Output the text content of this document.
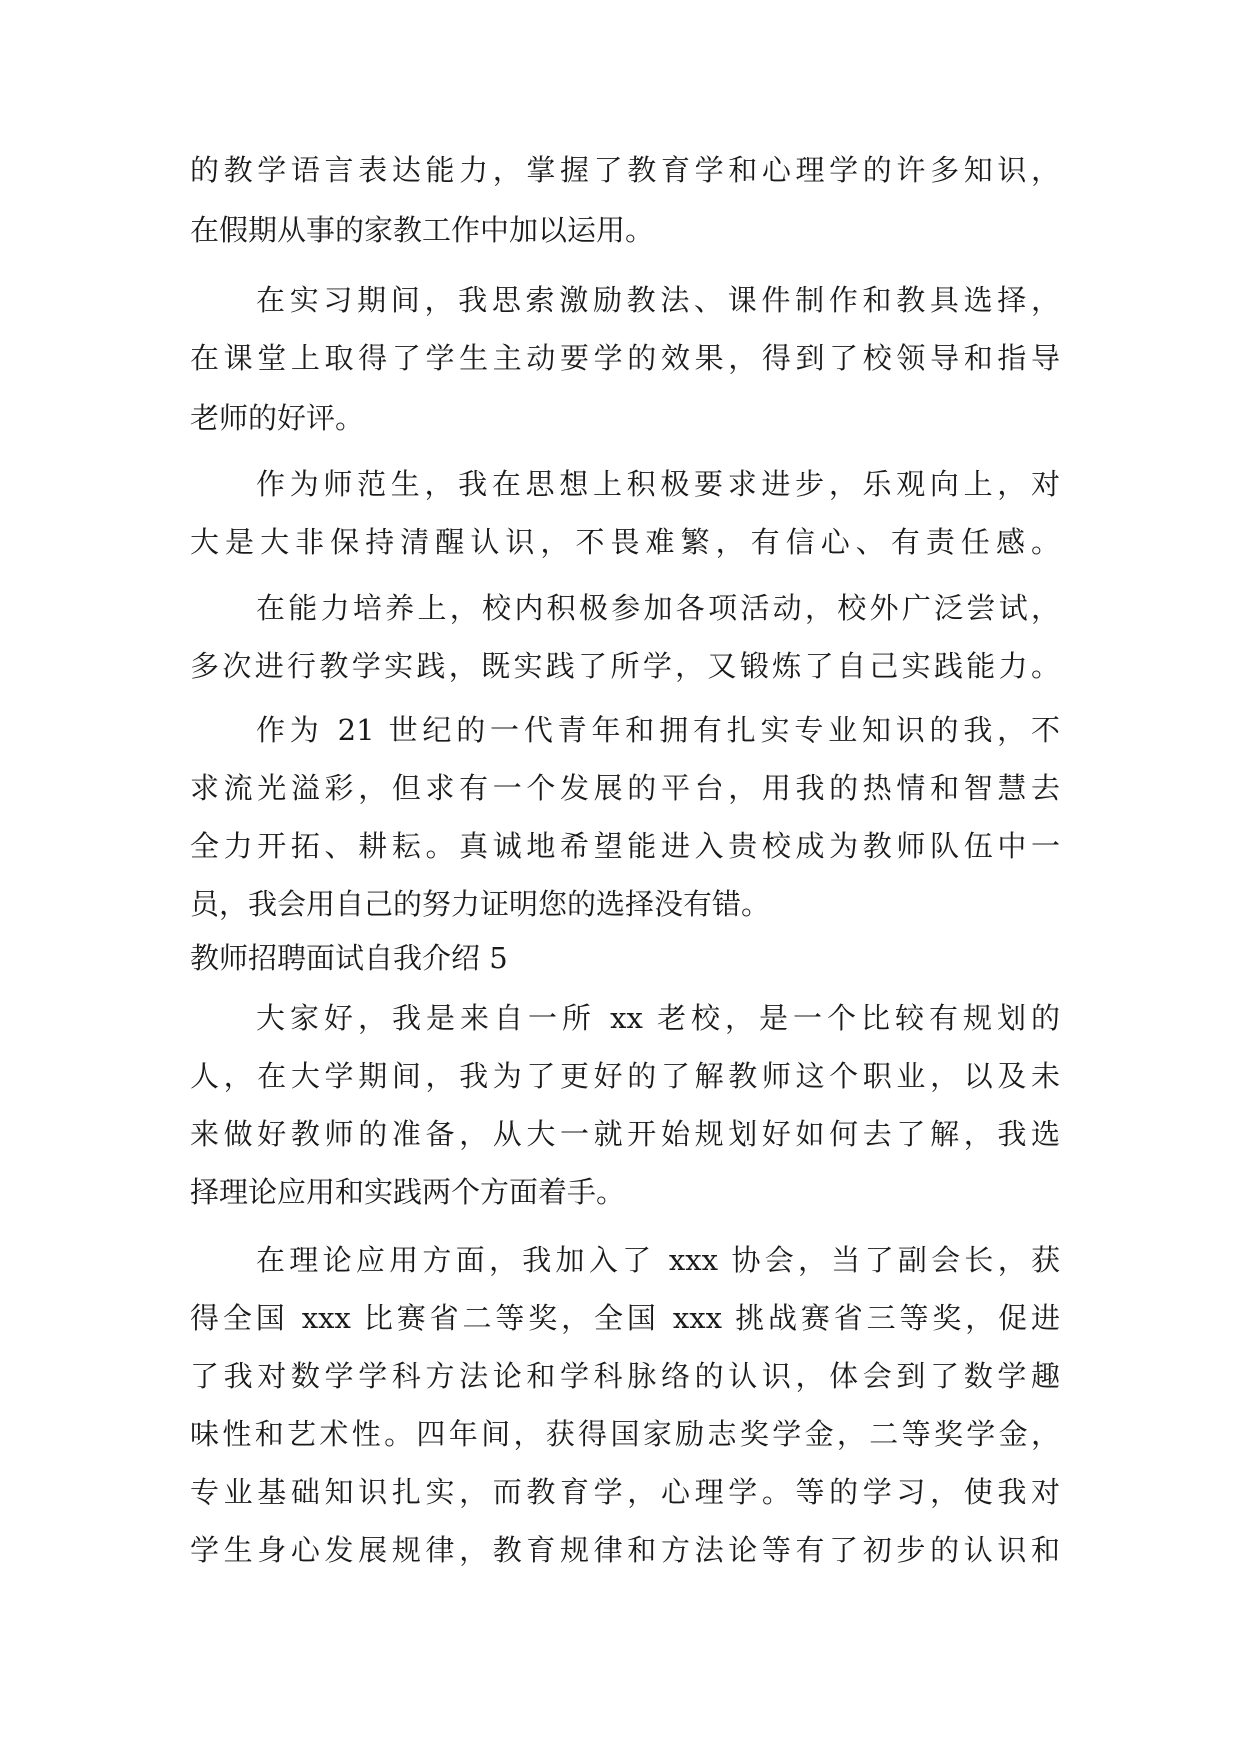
的教学语言表达能力，掌握了教育学和心理学的许多知识，
在假期从事的家教工作中加以运用。
在实习期间，我思索激励教法、课件制作和教具选择，
在课堂上取得了学生主动要学的效果，得到了校领导和指导
老师的好评。
作为师范生，我在思想上积极要求进步，乐观向上，对
大是大非保持清醒认识，不畏难繁，有信心、有责任感。
在能力培养上，校内积极参加各项活动，校外广泛尝试，
多次进行教学实践，既实践了所学，又锻炼了自己实践能力。
作为 21 世纪的一代青年和拥有扎实专业知识的我，不
求流光溢彩，但求有一个发展的平台，用我的热情和智慧去
全力开拓、耕耘。真诚地希望能进入贵校成为教师队伍中一
员，我会用自己的努力证明您的选择没有错。
教师招聘面试自我介绍 5
大家好，我是来自一所 xx 老校，是一个比较有规划的
人，在大学期间，我为了更好的了解教师这个职业，以及未
来做好教师的准备，从大一就开始规划好如何去了解，我选
择理论应用和实践两个方面着手。
在理论应用方面，我加入了 xxx 协会，当了副会长，获
得全国 xxx 比赛省二等奖，全国 xxx 挑战赛省三等奖，促进
了我对数学学科方法论和学科脉络的认识，体会到了数学趣
味性和艺术性。四年间，获得国家励志奖学金，二等奖学金，
专业基础知识扎实，而教育学，心理学。等的学习，使我对
学生身心发展规律，教育规律和方法论等有了初步的认识和
